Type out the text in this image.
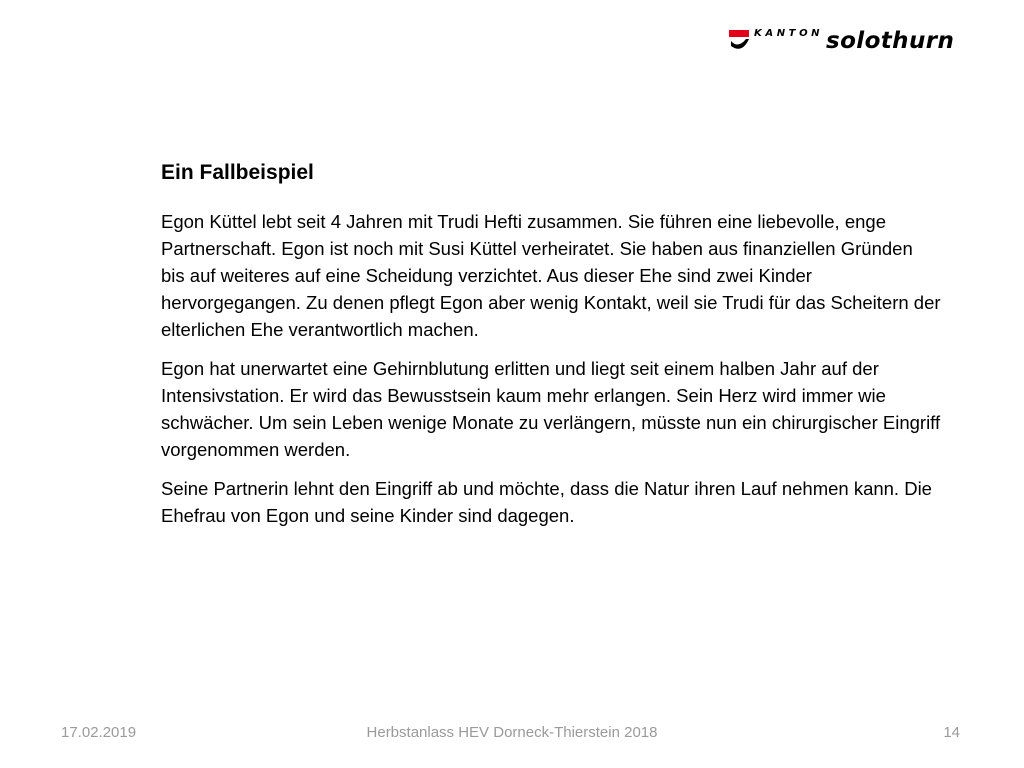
KANTON solothurn
Ein Fallbeispiel

Egon Küttel lebt seit 4 Jahren mit Trudi Hefti zusammen. Sie führen eine liebevolle, enge Partnerschaft. Egon ist noch mit Susi Küttel verheiratet. Sie haben aus finanziellen Gründen bis auf weiteres auf eine Scheidung verzichtet. Aus dieser Ehe sind zwei Kinder hervorgegangen. Zu denen pflegt Egon aber wenig Kontakt, weil sie Trudi für das Scheitern der elterlichen Ehe verantwortlich machen.

Egon hat unerwartet eine Gehirnblutung erlitten und liegt seit einem halben Jahr auf der Intensivstation. Er wird das Bewusstsein kaum mehr erlangen. Sein Herz wird immer wie schwächer. Um sein Leben wenige Monate zu verlängern, müsste nun ein chirurgischer Eingriff vorgenommen werden.

Seine Partnerin lehnt den Eingriff ab und möchte, dass die Natur ihren Lauf nehmen kann. Die Ehefrau von Egon und seine Kinder sind dagegen.

17.02.2019	Herbstanlass HEV Dorneck-Thierstein 2018	14
